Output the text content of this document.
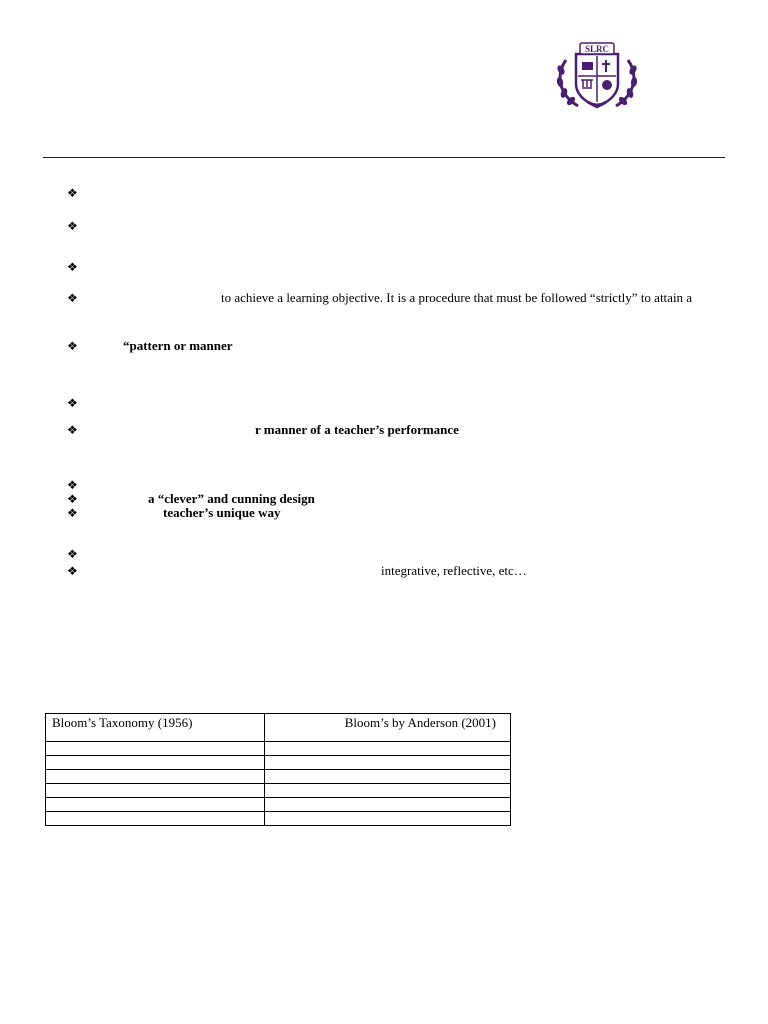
SLRC
❖
❖
❖
❖
❖
❖
❖
❖
❖
❖
❖
❖
to achieve a learning objective. It is a procedure that must be followed “strictly” to attain a
“pattern or manner
r manner of a teacher’s performance
a “clever” and cunning design
teacher’s unique way
integrative, reflective, etc…
Bloom’s Taxonomy (1956)	Bloom’s by Anderson (2001)
